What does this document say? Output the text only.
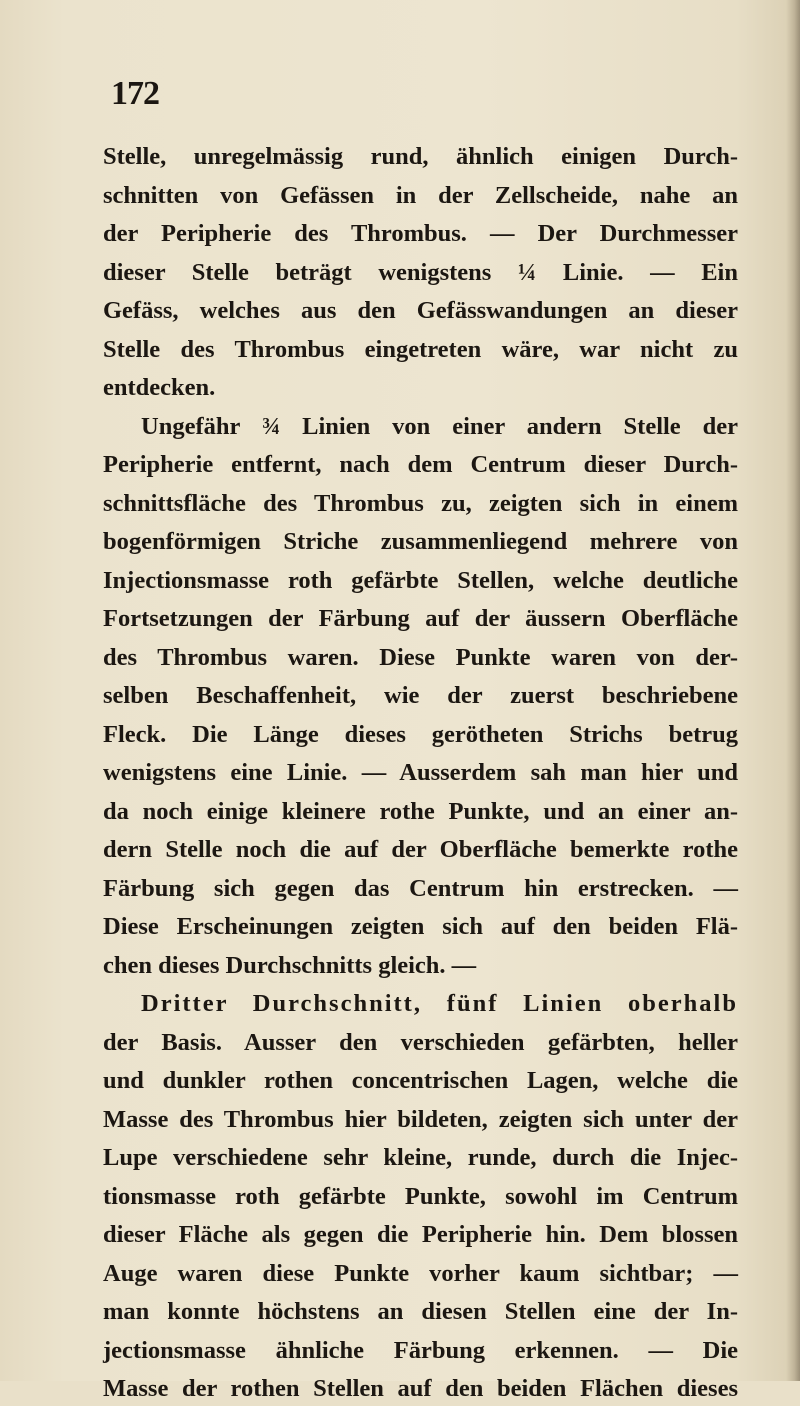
172
Stelle, unregelmässig rund, ähnlich einigen Durch-
schnitten von Gefässen in der Zellscheide, nahe an
der Peripherie des Thrombus. — Der Durchmesser
dieser Stelle beträgt wenigstens ¼ Linie. — Ein
Gefäss, welches aus den Gefässwandungen an dieser
Stelle des Thrombus eingetreten wäre, war nicht zu
entdecken.
Ungefähr ¾ Linien von einer andern Stelle der
Peripherie entfernt, nach dem Centrum dieser Durch-
schnittsfläche des Thrombus zu, zeigten sich in einem
bogenförmigen Striche zusammenliegend mehrere von
Injectionsmasse roth gefärbte Stellen, welche deutliche
Fortsetzungen der Färbung auf der äussern Oberfläche
des Thrombus waren. Diese Punkte waren von der-
selben Beschaffenheit, wie der zuerst beschriebene
Fleck. Die Länge dieses gerötheten Strichs betrug
wenigstens eine Linie. — Ausserdem sah man hier und
da noch einige kleinere rothe Punkte, und an einer an-
dern Stelle noch die auf der Oberfläche bemerkte rothe
Färbung sich gegen das Centrum hin erstrecken. —
Diese Erscheinungen zeigten sich auf den beiden Flä-
chen dieses Durchschnitts gleich. —
Dritter Durchschnitt, fünf Linien oberhalb
der Basis. Ausser den verschieden gefärbten, heller
und dunkler rothen concentrischen Lagen, welche die
Masse des Thrombus hier bildeten, zeigten sich unter der
Lupe verschiedene sehr kleine, runde, durch die Injec-
tionsmasse roth gefärbte Punkte, sowohl im Centrum
dieser Fläche als gegen die Peripherie hin. Dem blossen
Auge waren diese Punkte vorher kaum sichtbar; —
man konnte höchstens an diesen Stellen eine der In-
jectionsmasse ähnliche Färbung erkennen. — Die
Masse der rothen Stellen auf den beiden Flächen dieses
